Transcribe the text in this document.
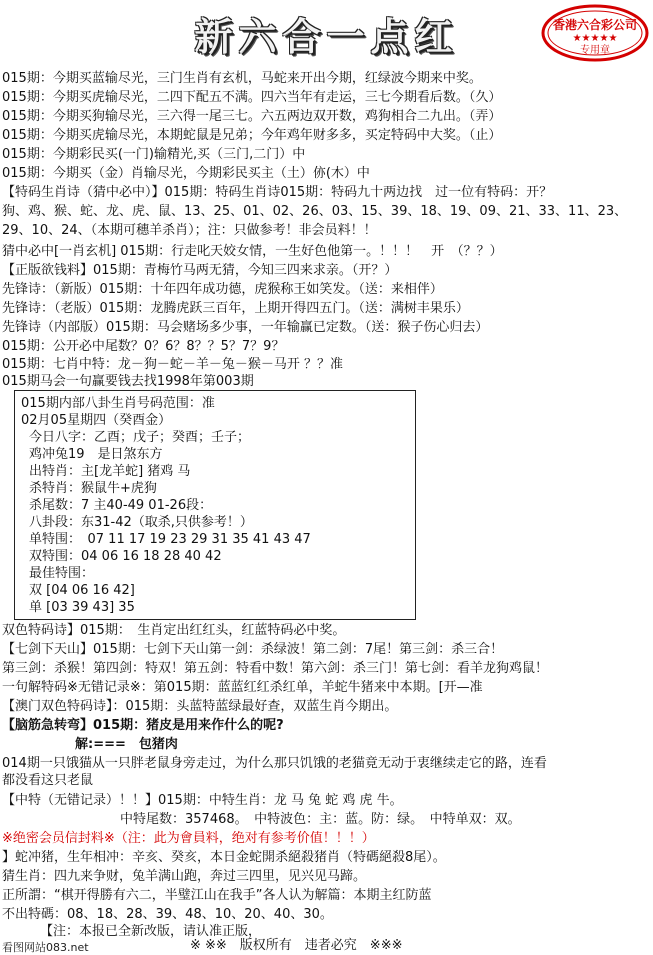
新六合一点红	香港六合彩公司
★★★★★
专用章
015期：今期买蓝输尽光，三门生肖有玄机，马蛇来开出今期，红绿波今期来中奖。
015期：今期买虎输尽光，二四下配五不满。四六当年有走运，三七今期看后数。（久）
015期：今期买狗输尽光，三六得一尾三七。六五两边双开数，鸡狗相合二九出。（弄）
015期：今期买虎输尽光，本期蛇鼠是兄弟；今年鸡年财多多，买定特码中大奖。（止）
015期：今期彩民买(一门)输精光,买（三门,二门）中
015期：今期买（金）肖输尽光，今期彩民买主（土）㑊(木）中
【特码生肖诗（猜中必中）】015期：特码生肖诗015期：特码九十两边找　过一位有特码：开？
狗、鸡、猴、蛇、龙、虎、鼠、13、25、01、02、26、03、15、39、18、19、09、21、33、11、23、
29、10、24、（本期可穗羊杀肖）；注：只做参考！非会员料！！
猜中必中[一肖玄机] 015期：行走叱天姣女情，一生好色他第一。！！！　开　（？？）
【正版欲钱料】015期：青梅竹马两无猜，今知三四来求亲。（开？）
先锋诗：（新版）015期：十年四年成功德，虎猴称王如笑发。（送：来相伴）
先锋诗：（老版）015期：龙腾虎跃三百年，上期开得四五门。（送：满树丰果乐）
先锋诗（内部版）015期：马会赌场多少事，一年输赢已定数。（送：猴子伤心归去）
015期：公开必中尾数？0？6？8？？5？7？9？
015期：七肖中特：龙－狗－蛇－羊－兔－猴－马开 ？？准
015期马会一句赢要钱去找1998年第003期
015期内部八卦生肖号码范围：准
02月05星期四（癸酉金）
今日八字：乙酉；戊子；癸酉；壬子；
鸡冲兔19　是日煞东方
出特肖：主[龙羊蛇] 猪鸡 马
杀特肖：猴鼠牛+虎狗
杀尾数：7 主40-49 01-26段：
八卦段：东31-42（取杀,只供参考！）
单特围：　07 11 17 19 23 29 31 35 41 43 47
双特围：04 06 16 18 28 40 42
最佳特围：
双 [04 06 16 42]
单 [03 39 43] 35
双色特码诗】015期：　生肖定出红红头，红蓝特码必中奖。
【七剑下天山】015期：七剑下天山第一剑：杀绿波！第二剑：7尾！第三剑：杀三合！
第三剑：杀猴！第四剑：特双！第五剑：特看中数！第六剑：杀三门！第七剑：看羊龙狗鸡鼠！
一句解特码※无错记录※：第015期：蓝蓝红红杀红单，羊蛇牛猪来中本期。[开—准
【澳门双色特码诗】：015期：头蓝特蓝绿最好查，双蓝生肖今期出。
【脑筋急转弯】015期：猪皮是用来作什么的呢?
解:===　包猪肉
014期一只饿猫从一只胖老鼠身旁走过，为什么那只饥饿的老猫竟无动于衷继续走它的路，连看
都没看这只老鼠
【中特（无错记录）！！】015期：中特生肖：龙 马 兔 蛇 鸡 虎 牛。
中特尾数：357468。　中特波色：主：蓝。防：绿。　中特单双：双。
※绝密会员信封料※（注：此为會員料，绝对有参考价值！！！）
】蛇冲猪，生年相冲：辛亥、癸亥，本日金蛇開杀絕殺猪肖（特碼絕殺8尾）。
猜生肖：四九来争财，兔羊满山跑，奔过三四里，见兴见马蹄。
正所謂：“棋开得勝有六二，半璧江山在我手”各人认为解篇：本期主红防蓝
不出特碼：08、18、28、39、48、10、20、40、30。
【注：本报已全新改版，请认准正版，
※ ※※　版权所有　违者必究　※※※
看图网站083.net
